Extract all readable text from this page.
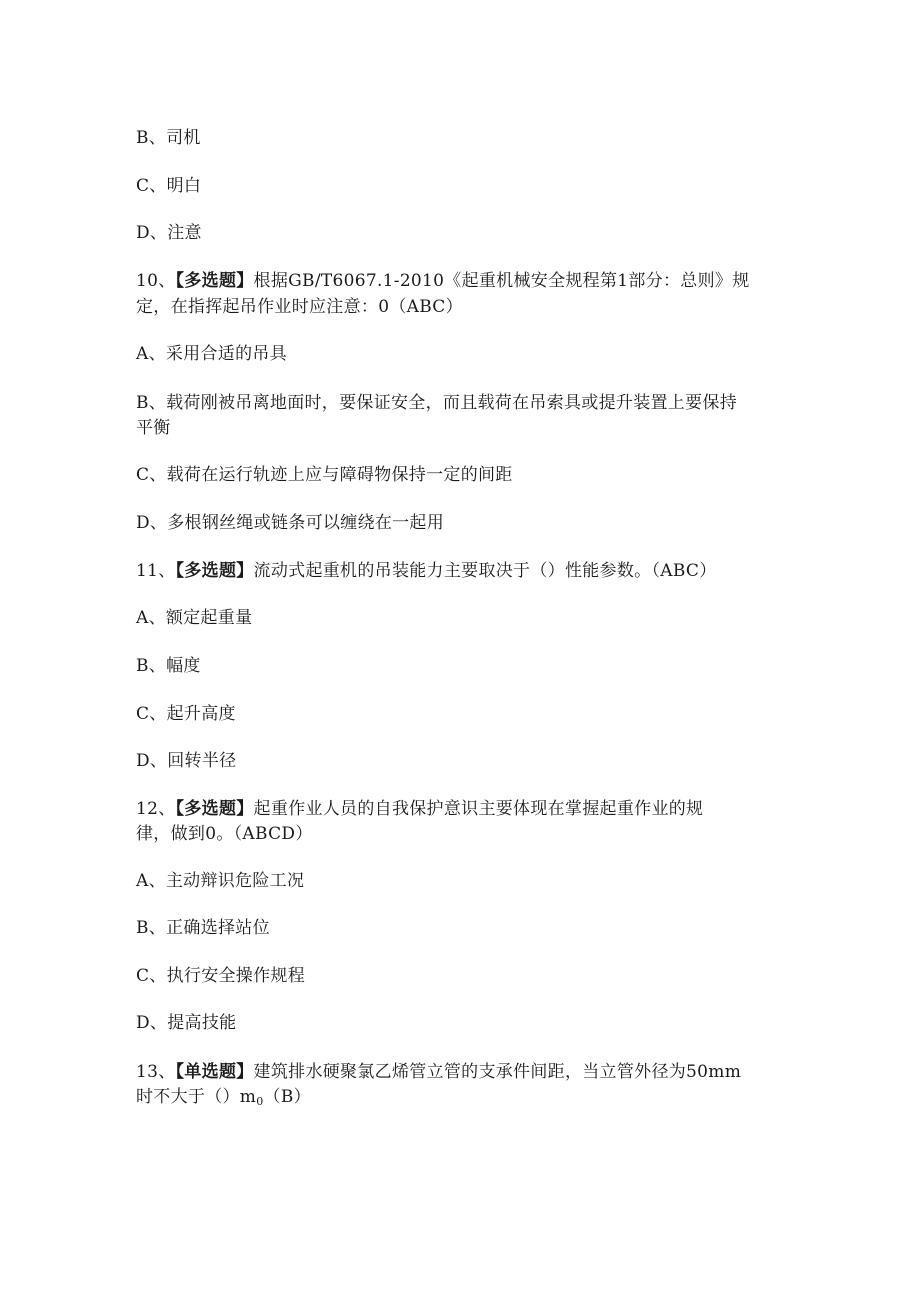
B、司机
C、明白
D、注意
10、【多选题】根据GB/T6067.1-2010《起重机械安全规程第1部分：总则》规
定，在指挥起吊作业时应注意：0（ABC）
A、采用合适的吊具
B、载荷刚被吊离地面时，要保证安全，而且载荷在吊索具或提升装置上要保持
平衡
C、载荷在运行轨迹上应与障碍物保持一定的间距
D、多根钢丝绳或链条可以缠绕在一起用
11、【多选题】流动式起重机的吊装能力主要取决于（）性能参数。（ABC）
A、额定起重量
B、幅度
C、起升高度
D、回转半径
12、【多选题】起重作业人员的自我保护意识主要体现在掌握起重作业的规
律，做到0。（ABCD）
A、主动辩识危险工况
B、正确选择站位
C、执行安全操作规程
D、提高技能
13、【单选题】建筑排水硬聚氯乙烯管立管的支承件间距，当立管外径为50mm
时不大于$()m_0(B)$
